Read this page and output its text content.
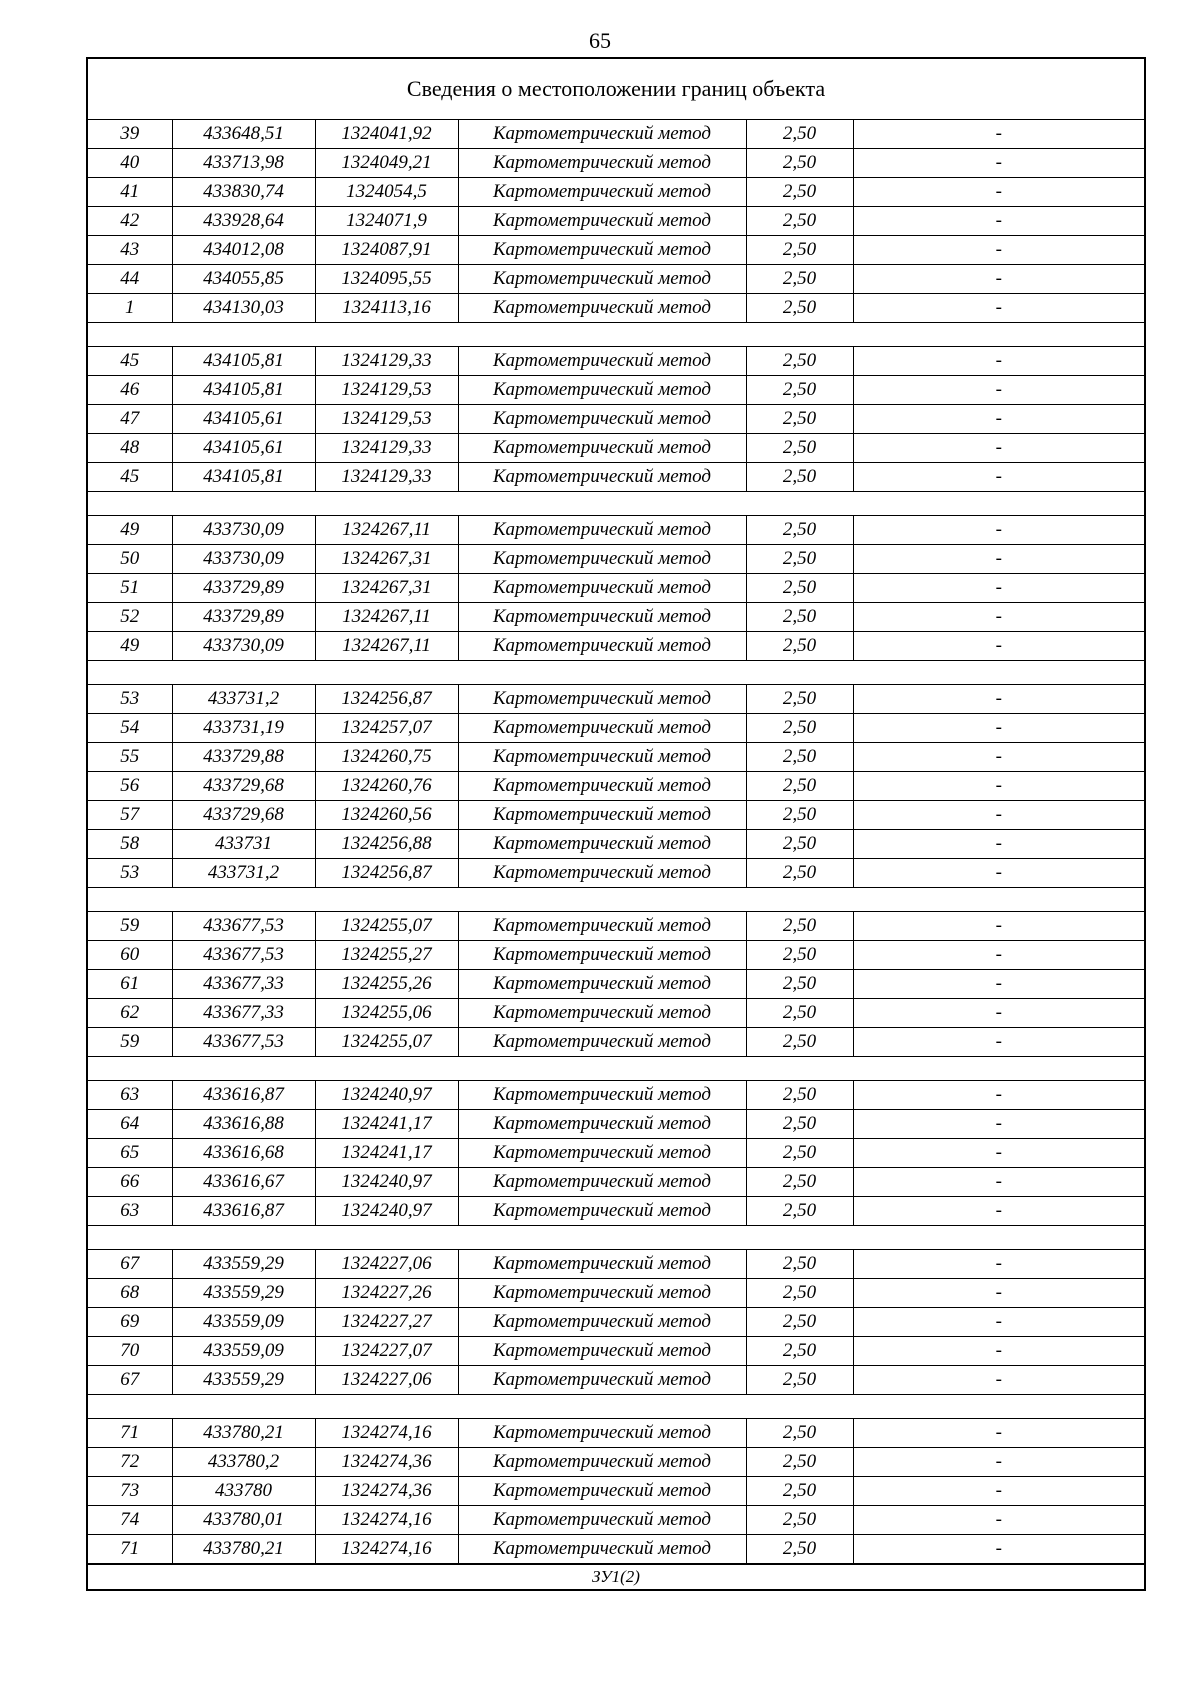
65
Сведения о местоположении границ объекта
39	433648,51	1324041,92	Картометрический метод	2,50	-
40	433713,98	1324049,21	Картометрический метод	2,50	-
41	433830,74	1324054,5	Картометрический метод	2,50	-
42	433928,64	1324071,9	Картометрический метод	2,50	-
43	434012,08	1324087,91	Картометрический метод	2,50	-
44	434055,85	1324095,55	Картометрический метод	2,50	-
1	434130,03	1324113,16	Картометрический метод	2,50	-

45	434105,81	1324129,33	Картометрический метод	2,50	-
46	434105,81	1324129,53	Картометрический метод	2,50	-
47	434105,61	1324129,53	Картометрический метод	2,50	-
48	434105,61	1324129,33	Картометрический метод	2,50	-
45	434105,81	1324129,33	Картометрический метод	2,50	-

49	433730,09	1324267,11	Картометрический метод	2,50	-
50	433730,09	1324267,31	Картометрический метод	2,50	-
51	433729,89	1324267,31	Картометрический метод	2,50	-
52	433729,89	1324267,11	Картометрический метод	2,50	-
49	433730,09	1324267,11	Картометрический метод	2,50	-

53	433731,2	1324256,87	Картометрический метод	2,50	-
54	433731,19	1324257,07	Картометрический метод	2,50	-
55	433729,88	1324260,75	Картометрический метод	2,50	-
56	433729,68	1324260,76	Картометрический метод	2,50	-
57	433729,68	1324260,56	Картометрический метод	2,50	-
58	433731	1324256,88	Картометрический метод	2,50	-
53	433731,2	1324256,87	Картометрический метод	2,50	-

59	433677,53	1324255,07	Картометрический метод	2,50	-
60	433677,53	1324255,27	Картометрический метод	2,50	-
61	433677,33	1324255,26	Картометрический метод	2,50	-
62	433677,33	1324255,06	Картометрический метод	2,50	-
59	433677,53	1324255,07	Картометрический метод	2,50	-

63	433616,87	1324240,97	Картометрический метод	2,50	-
64	433616,88	1324241,17	Картометрический метод	2,50	-
65	433616,68	1324241,17	Картометрический метод	2,50	-
66	433616,67	1324240,97	Картометрический метод	2,50	-
63	433616,87	1324240,97	Картометрический метод	2,50	-

67	433559,29	1324227,06	Картометрический метод	2,50	-
68	433559,29	1324227,26	Картометрический метод	2,50	-
69	433559,09	1324227,27	Картометрический метод	2,50	-
70	433559,09	1324227,07	Картометрический метод	2,50	-
67	433559,29	1324227,06	Картометрический метод	2,50	-

71	433780,21	1324274,16	Картометрический метод	2,50	-
72	433780,2	1324274,36	Картометрический метод	2,50	-
73	433780	1324274,36	Картометрический метод	2,50	-
74	433780,01	1324274,16	Картометрический метод	2,50	-
71	433780,21	1324274,16	Картометрический метод	2,50	-
ЗУ1(2)
